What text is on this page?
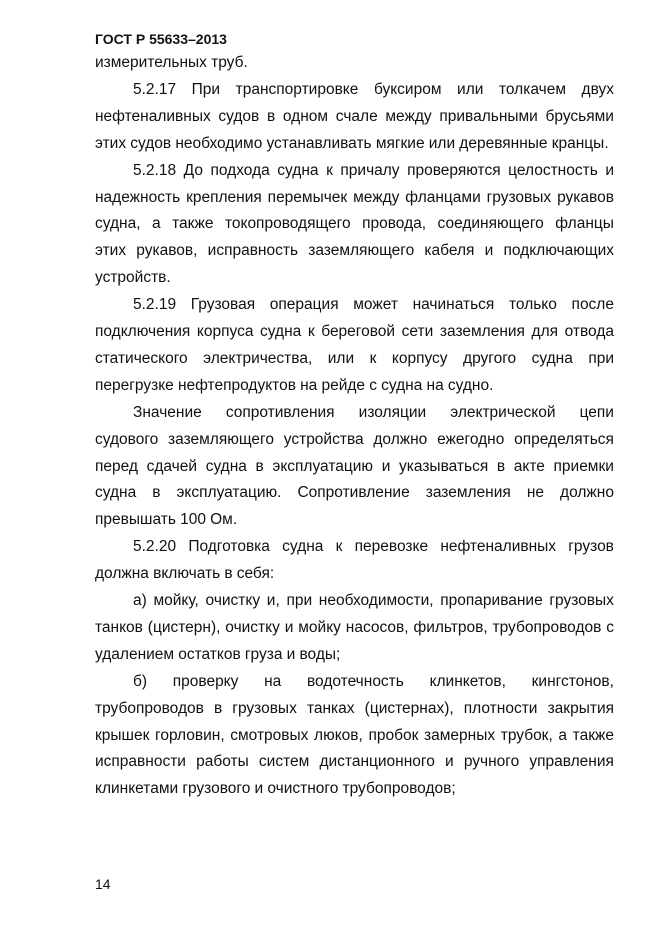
ГОСТ Р 55633–2013
измерительных труб.
5.2.17 При транспортировке буксиром или толкачем двух
нефтеналивных судов в одном счале между привальными брусьями
этих судов необходимо устанавливать мягкие или деревянные кранцы.
5.2.18 До подхода судна к причалу проверяются целостность и
надежность крепления перемычек между фланцами грузовых рукавов
судна, а также токопроводящего провода, соединяющего фланцы
этих рукавов, исправность заземляющего кабеля и подключающих
устройств.
5.2.19 Грузовая операция может начинаться только после
подключения корпуса судна к береговой сети заземления для отвода
статического электричества, или к корпусу другого судна при
перегрузке нефтепродуктов на рейде с судна на судно.
Значение сопротивления изоляции электрической цепи
судового заземляющего устройства должно ежегодно определяться
перед сдачей судна в эксплуатацию и указываться в акте приемки
судна в эксплуатацию. Сопротивление заземления не должно
превышать 100 Ом.
5.2.20 Подготовка судна к перевозке нефтеналивных грузов
должна включать в себя:
а) мойку, очистку и, при необходимости, пропаривание грузовых
танков (цистерн), очистку и мойку насосов, фильтров, трубопроводов с
удалением остатков груза и воды;
б) проверку на водотечность клинкетов, кингстонов,
трубопроводов в грузовых танках (цистернах), плотности закрытия
крышек горловин, смотровых люков, пробок замерных трубок, а также
исправности работы систем дистанционного и ручного управления
клинкетами грузового и очистного трубопроводов;
14
